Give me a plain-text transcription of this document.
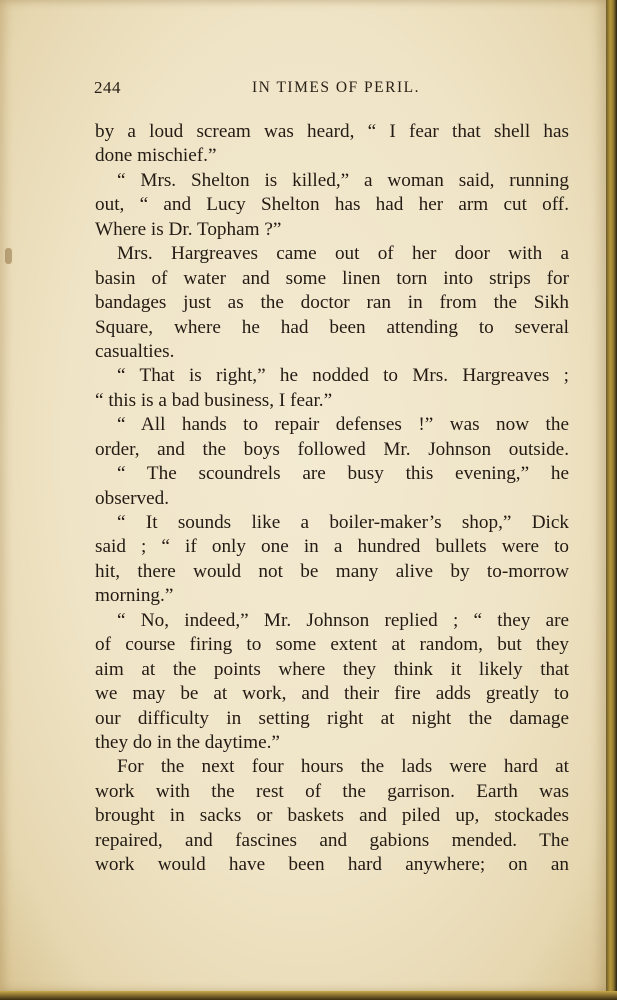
244	IN TIMES OF PERIL.
by a loud scream was heard, “ I fear that shell has
done mischief.”
“ Mrs. Shelton is killed,” a woman said, running
out, “ and Lucy Shelton has had her arm cut off.
Where is Dr. Topham ?”
Mrs. Hargreaves came out of her door with a
basin of water and some linen torn into strips for
bandages just as the doctor ran in from the Sikh
Square, where he had been attending to several
casualties.
“ That is right,” he nodded to Mrs. Hargreaves ;
“ this is a bad business, I fear.”
“ All hands to repair defenses !” was now the
order, and the boys followed Mr. Johnson outside.
“ The scoundrels are busy this evening,” he
observed.
“ It sounds like a boiler-maker’s shop,” Dick
said ; “ if only one in a hundred bullets were to
hit, there would not be many alive by to-morrow
morning.”
“ No, indeed,” Mr. Johnson replied ; “ they are
of course firing to some extent at random, but they
aim at the points where they think it likely that
we may be at work, and their fire adds greatly to
our difficulty in setting right at night the damage
they do in the daytime.”
For the next four hours the lads were hard at
work with the rest of the garrison. Earth was
brought in sacks or baskets and piled up, stockades
repaired, and fascines and gabions mended. The
work would have been hard anywhere; on an
